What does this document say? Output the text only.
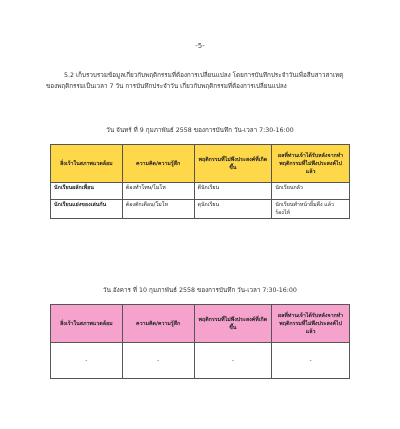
-5-

5.2 เก็บรวบรวมข้อมูลเกี่ยวกับพฤติกรรมที่ต้องการเปลี่ยนแปลง โดยการบันทึกประจำวันเพื่อสืบสาวสาเหตุ

ของพฤติกรรมเป็นเวลา 7 วัน การบันทึกประจำวัน เกี่ยวกับพฤติกรรมที่ต้องการเปลี่ยนแปลง

วัน จันทร์ ที่ 9 กุมภาพันธ์ 2558 ของการบันทึก วัน-เวลา 7:30-16:00
สิ่งเร้าในสภาพแวดล้อม	ความคิด/ความรู้สึก	พฤติกรรมที่ไม่พึงประสงค์ที่เกิดขึ้น	ผลที่ท่านเจ้าได้รับหลังจากทำพฤติกรรมที่ไม่พึงประสงค์ไปแล้ว
นักเรียนผลักเพื่อน	ต้องทำโทษ/โมโห	ตีนักเรียน	นักเรียนกลัว
นักเรียนแย่งของเล่นกัน	ต้องตักเตือน/โมโห	ดุนักเรียน	นักเรียนทำหน้ายิ้มดึง แล้วร้องไห้
วัน อังคาร ที่ 10 กุมภาพันธ์ 2558 ของการบันทึก วัน-เวลา 7:30-16:00
สิ่งเร้าในสภาพแวดล้อม	ความคิด/ความรู้สึก	พฤติกรรมที่ไม่พึงประสงค์ที่เกิดขึ้น	ผลที่ท่านเจ้าได้รับหลังจากทำพฤติกรรมที่ไม่พึงประสงค์ไปแล้ว
-	-	-	-
